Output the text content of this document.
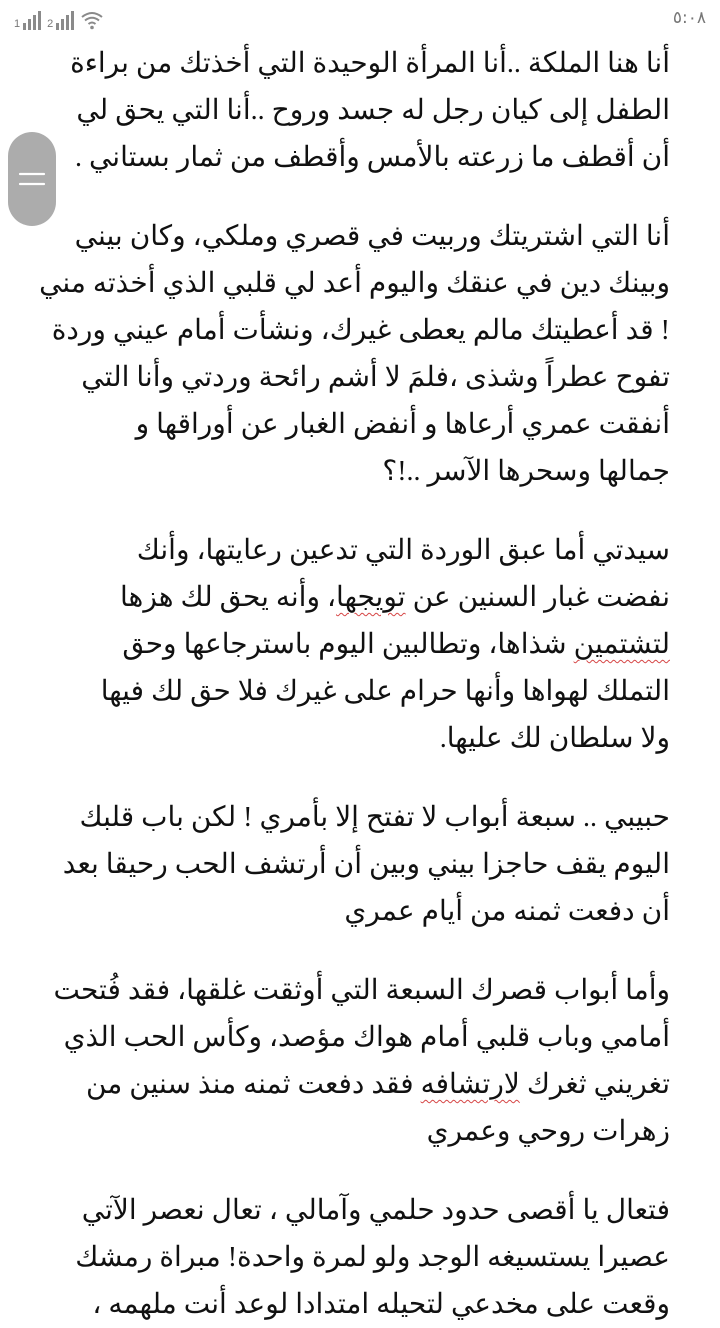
1 2	٥:٠٨
أنا هنا الملكة ..أنا المرأة الوحيدة التي أخذتك من براءة
الطفل إلى كيان رجل له جسد وروح ..أنا التي يحق لي
أن أقطف ما زرعته بالأمس وأقطف من ثمار بستاني .
أنا التي اشتريتك وربيت في قصري وملكي، وكان بيني
وبينك دين في عنقك واليوم أعد لي قلبي الذي أخذته مني
! قد أعطيتك مالم يعطى غيرك، ونشأت أمام عيني وردة
تفوح عطراً وشذى ،فلمَ لا أشم رائحة وردتي وأنا التي
أنفقت عمري أرعاها و أنفض الغبار عن أوراقها و
جمالها وسحرها الآسر ..!؟
سيدتي أما عبق الوردة التي تدعين رعايتها، وأنك
نفضت غبار السنين عن تويجها، وأنه يحق لك هزها
لتشتمين شذاها، وتطالبين اليوم باسترجاعها وحق
التملك لهواها وأنها حرام على غيرك فلا حق لك فيها
ولا سلطان لك عليها.
حبيبي .. سبعة أبواب لا تفتح إلا بأمري ! لكن باب قلبك
اليوم يقف حاجزا بيني وبين أن أرتشف الحب رحيقا بعد
أن دفعت ثمنه من أيام عمري
وأما أبواب قصرك السبعة التي أوثقت غلقها، فقد فُتحت
أمامي وباب قلبي أمام هواك مؤصد، وكأس الحب الذي
تغريني ثغرك لارتشافه فقد دفعت ثمنه منذ سنين من
زهرات روحي وعمري
فتعال يا أقصى حدود حلمي وآمالي ، تعال نعصر الآتي
عصيرا يستسيغه الوجد ولو لمرة واحدة! مبراة رمشك
وقعت على مخدعي لتحيله امتدادا لوعد أنت ملهمه ،
